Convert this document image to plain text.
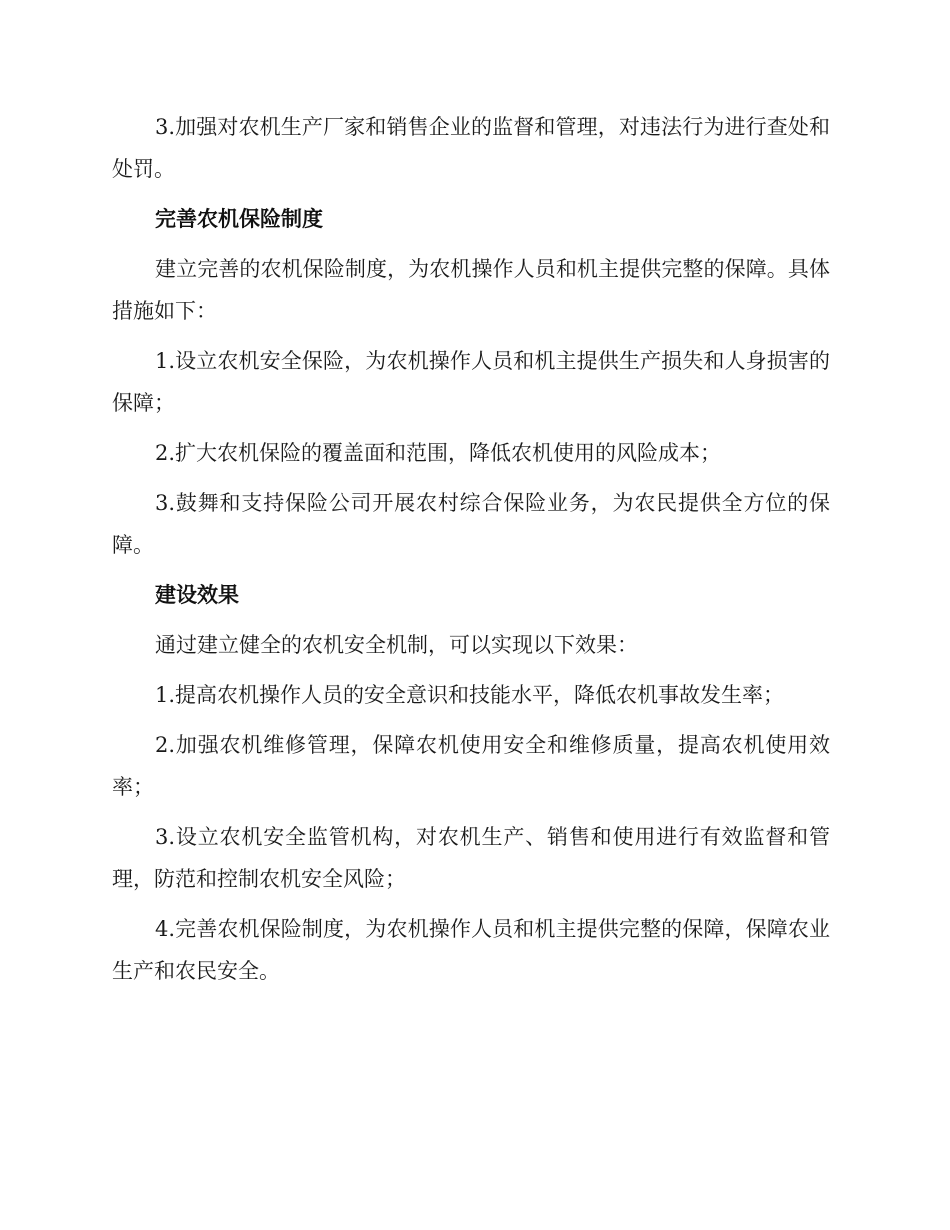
3.加强对农机生产厂家和销售企业的监督和管理，对违法行为进行查处和处罚。

完善农机保险制度

建立完善的农机保险制度，为农机操作人员和机主提供完整的保障。具体措施如下：

1.设立农机安全保险，为农机操作人员和机主提供生产损失和人身损害的保障；

2.扩大农机保险的覆盖面和范围，降低农机使用的风险成本；

3.鼓舞和支持保险公司开展农村综合保险业务，为农民提供全方位的保障。

建设效果

通过建立健全的农机安全机制，可以实现以下效果：

1.提高农机操作人员的安全意识和技能水平，降低农机事故发生率；

2.加强农机维修管理，保障农机使用安全和维修质量，提高农机使用效率；

3.设立农机安全监管机构，对农机生产、销售和使用进行有效监督和管理，防范和控制农机安全风险；

4.完善农机保险制度，为农机操作人员和机主提供完整的保障，保障农业生产和农民安全。
